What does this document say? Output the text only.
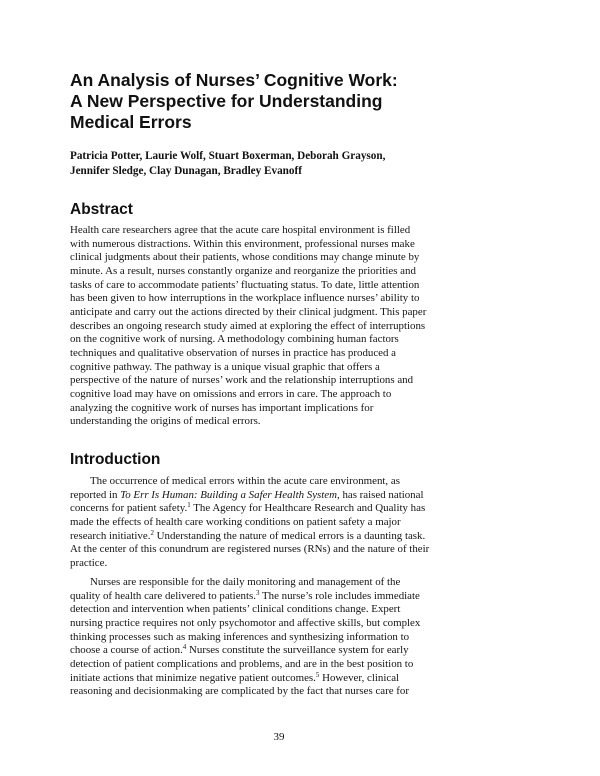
An Analysis of Nurses’ Cognitive Work:
A New Perspective for Understanding
Medical Errors
Patricia Potter, Laurie Wolf, Stuart Boxerman, Deborah Grayson,
Jennifer Sledge, Clay Dunagan, Bradley Evanoff
Abstract
Health care researchers agree that the acute care hospital environment is filled
with numerous distractions. Within this environment, professional nurses make
clinical judgments about their patients, whose conditions may change minute by
minute. As a result, nurses constantly organize and reorganize the priorities and
tasks of care to accommodate patients’ fluctuating status. To date, little attention
has been given to how interruptions in the workplace influence nurses’ ability to
anticipate and carry out the actions directed by their clinical judgment. This paper
describes an ongoing research study aimed at exploring the effect of interruptions
on the cognitive work of nursing. A methodology combining human factors
techniques and qualitative observation of nurses in practice has produced a
cognitive pathway. The pathway is a unique visual graphic that offers a
perspective of the nature of nurses’ work and the relationship interruptions and
cognitive load may have on omissions and errors in care. The approach to
analyzing the cognitive work of nurses has important implications for
understanding the origins of medical errors.
Introduction
The occurrence of medical errors within the acute care environment, as
reported in To Err Is Human: Building a Safer Health System, has raised national
concerns for patient safety.$^1$ The Agency for Healthcare Research and Quality has
made the effects of health care working conditions on patient safety a major
research initiative.$^2$ Understanding the nature of medical errors is a daunting task.
At the center of this conundrum are registered nurses (RNs) and the nature of their
practice.
Nurses are responsible for the daily monitoring and management of the
quality of health care delivered to patients.$^3$ The nurse’s role includes immediate
detection and intervention when patients’ clinical conditions change. Expert
nursing practice requires not only psychomotor and affective skills, but complex
thinking processes such as making inferences and synthesizing information to
choose a course of action.$^4$ Nurses constitute the surveillance system for early
detection of patient complications and problems, and are in the best position to
initiate actions that minimize negative patient outcomes.$^5$ However, clinical
reasoning and decisionmaking are complicated by the fact that nurses care for
39
